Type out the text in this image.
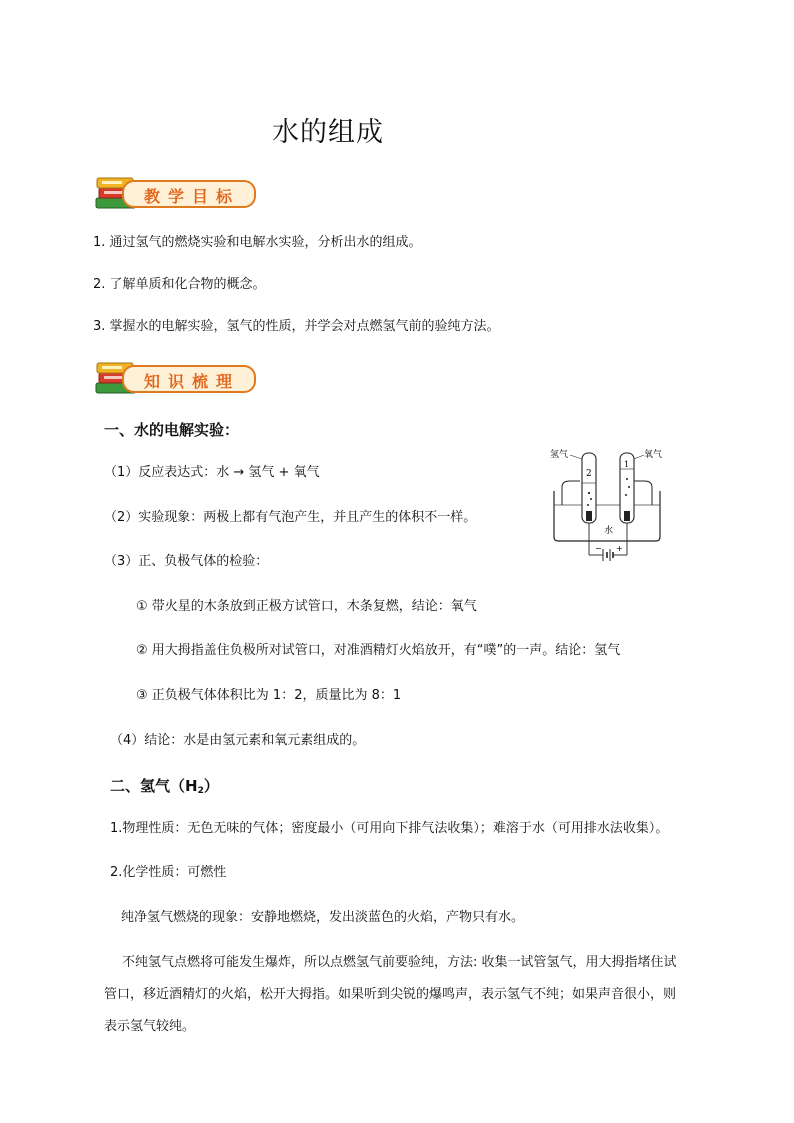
水的组成
教学目标
1. 通过氢气的燃烧实验和电解水实验，分析出水的组成。
2. 了解单质和化合物的概念。
3. 掌握水的电解实验，氢气的性质，并学会对点燃氢气前的验纯方法。
知识梳理
一、水的电解实验：
（1）反应表达式：水 → 氢气 + 氧气
（2）实验现象：两极上都有气泡产生，并且产生的体积不一样。
（3）正、负极气体的检验：
① 带火星的木条放到正极方试管口，木条复燃，结论：氧气
② 用大拇指盖住负极所对试管口，对准酒精灯火焰放开，有“噗”的一声。结论：氢气
③ 正负极气体体积比为 1：2，质量比为 8：1
（4）结论：水是由氢元素和氧元素组成的。
水
2
1
氢气	氧气
− +
二、氢气$(H_2)$
1.物理性质：无色无味的气体；密度最小（可用向下排气法收集）；难溶于水（可用排水法收集）。
2.化学性质：可燃性
纯净氢气燃烧的现象：安静地燃烧，发出淡蓝色的火焰，产物只有水。
不纯氢气点燃将可能发生爆炸，所以点燃氢气前要验纯，方法: 收集一试管氢气，用大拇指堵住试
管口，移近酒精灯的火焰，松开大拇指。如果听到尖锐的爆鸣声，表示氢气不纯；如果声音很小，则
表示氢气较纯。
